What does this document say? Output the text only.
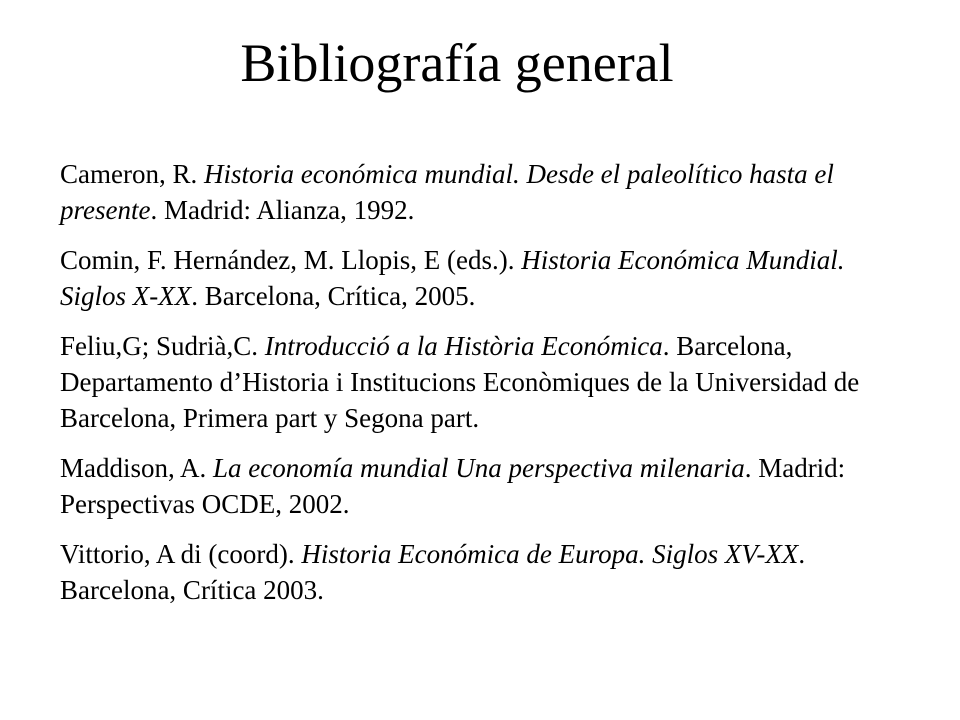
Bibliografía general
Cameron, R. Historia económica mundial. Desde el paleolítico hasta el presente. Madrid: Alianza, 1992.
Comin, F. Hernández, M. Llopis, E (eds.). Historia Económica Mundial. Siglos X-XX. Barcelona, Crítica, 2005.
Feliu,G; Sudrià,C. Introducció a la Història Económica. Barcelona, Departamento d’Historia i Institucions Econòmiques de la Universidad de Barcelona, Primera part y Segona part.
Maddison, A. La economía mundial Una perspectiva milenaria. Madrid: Perspectivas OCDE, 2002.
Vittorio, A di (coord). Historia Económica de Europa. Siglos XV-XX. Barcelona, Crítica 2003.
